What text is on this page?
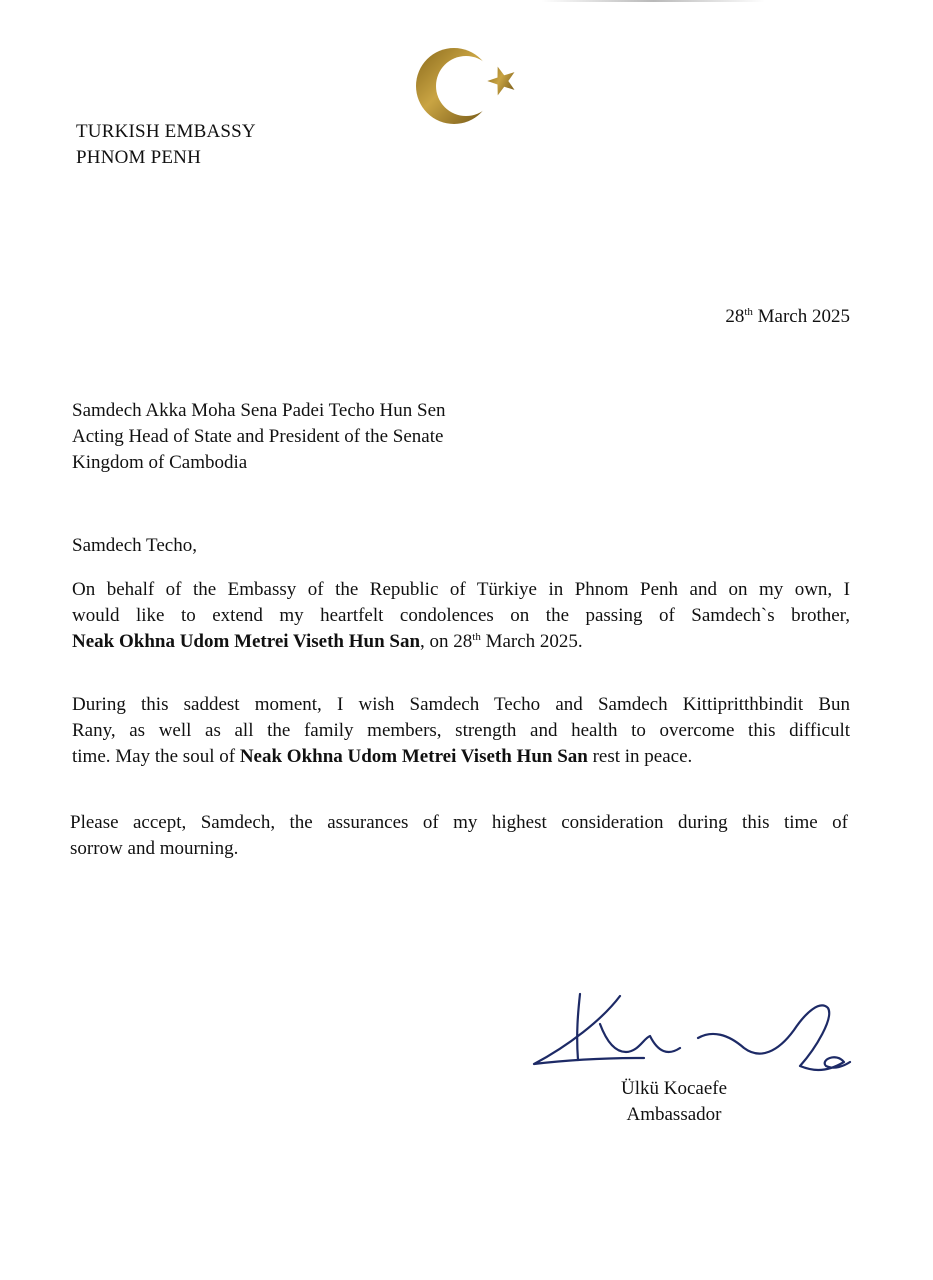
TURKISH EMBASSY
PHNOM PENH
28th March 2025
Samdech Akka Moha Sena Padei Techo Hun Sen
Acting Head of State and President of the Senate
Kingdom of Cambodia
Samdech Techo,
On behalf of the Embassy of the Republic of Türkiye in Phnom Penh and on my own, I
would like to extend my heartfelt condolences on the passing of Samdech`s brother,
Neak Okhna Udom Metrei Viseth Hun San, on 28th March 2025.
During this saddest moment, I wish Samdech Techo and Samdech Kittipritthbindit Bun
Rany, as well as all the family members, strength and health to overcome this difficult
time. May the soul of Neak Okhna Udom Metrei Viseth Hun San rest in peace.
Please accept, Samdech, the assurances of my highest consideration during this time of
sorrow and mourning.
Ülkü Kocaefe
Ambassador
